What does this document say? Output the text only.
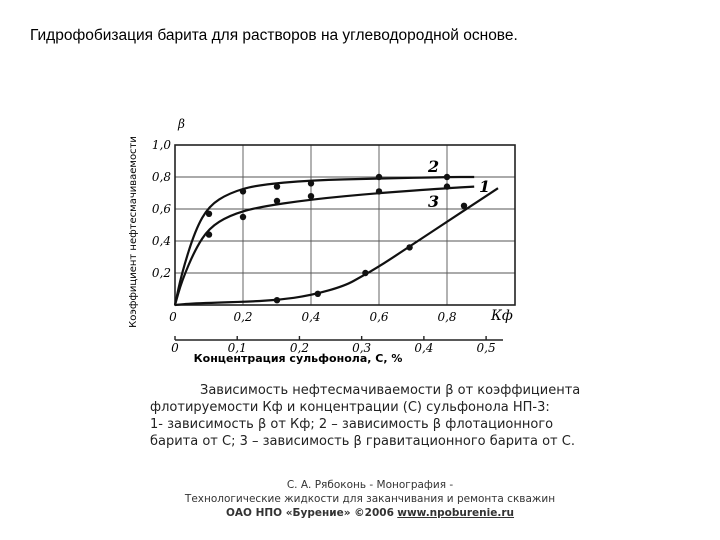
Гидрофобизация барита для растворов на углеводородной основе.
0,2
0,4
0,6
0,8
1,0
0	0,2	0,4	0,6	0,8
0	0,1	0,2	0,3	0,4	0,5
1
2
3
β
Коэффициент нефтесмачиваемости	Кф
Концентрация сульфонола, С, %
Зависимость нефтесмачиваемости β от коэффициента
флотируемости Кф и концентрации (С) сульфонола НП-3:
1- зависимость β от Кф; 2 – зависимость β флотационного
барита от С; 3 – зависимость β гравитационного барита от С.
С. А. Рябоконь - Монография -
Технологические жидкости для заканчивания и ремонта скважин
ОАО НПО «Бурение» ©2006 www.npoburenie.ru
